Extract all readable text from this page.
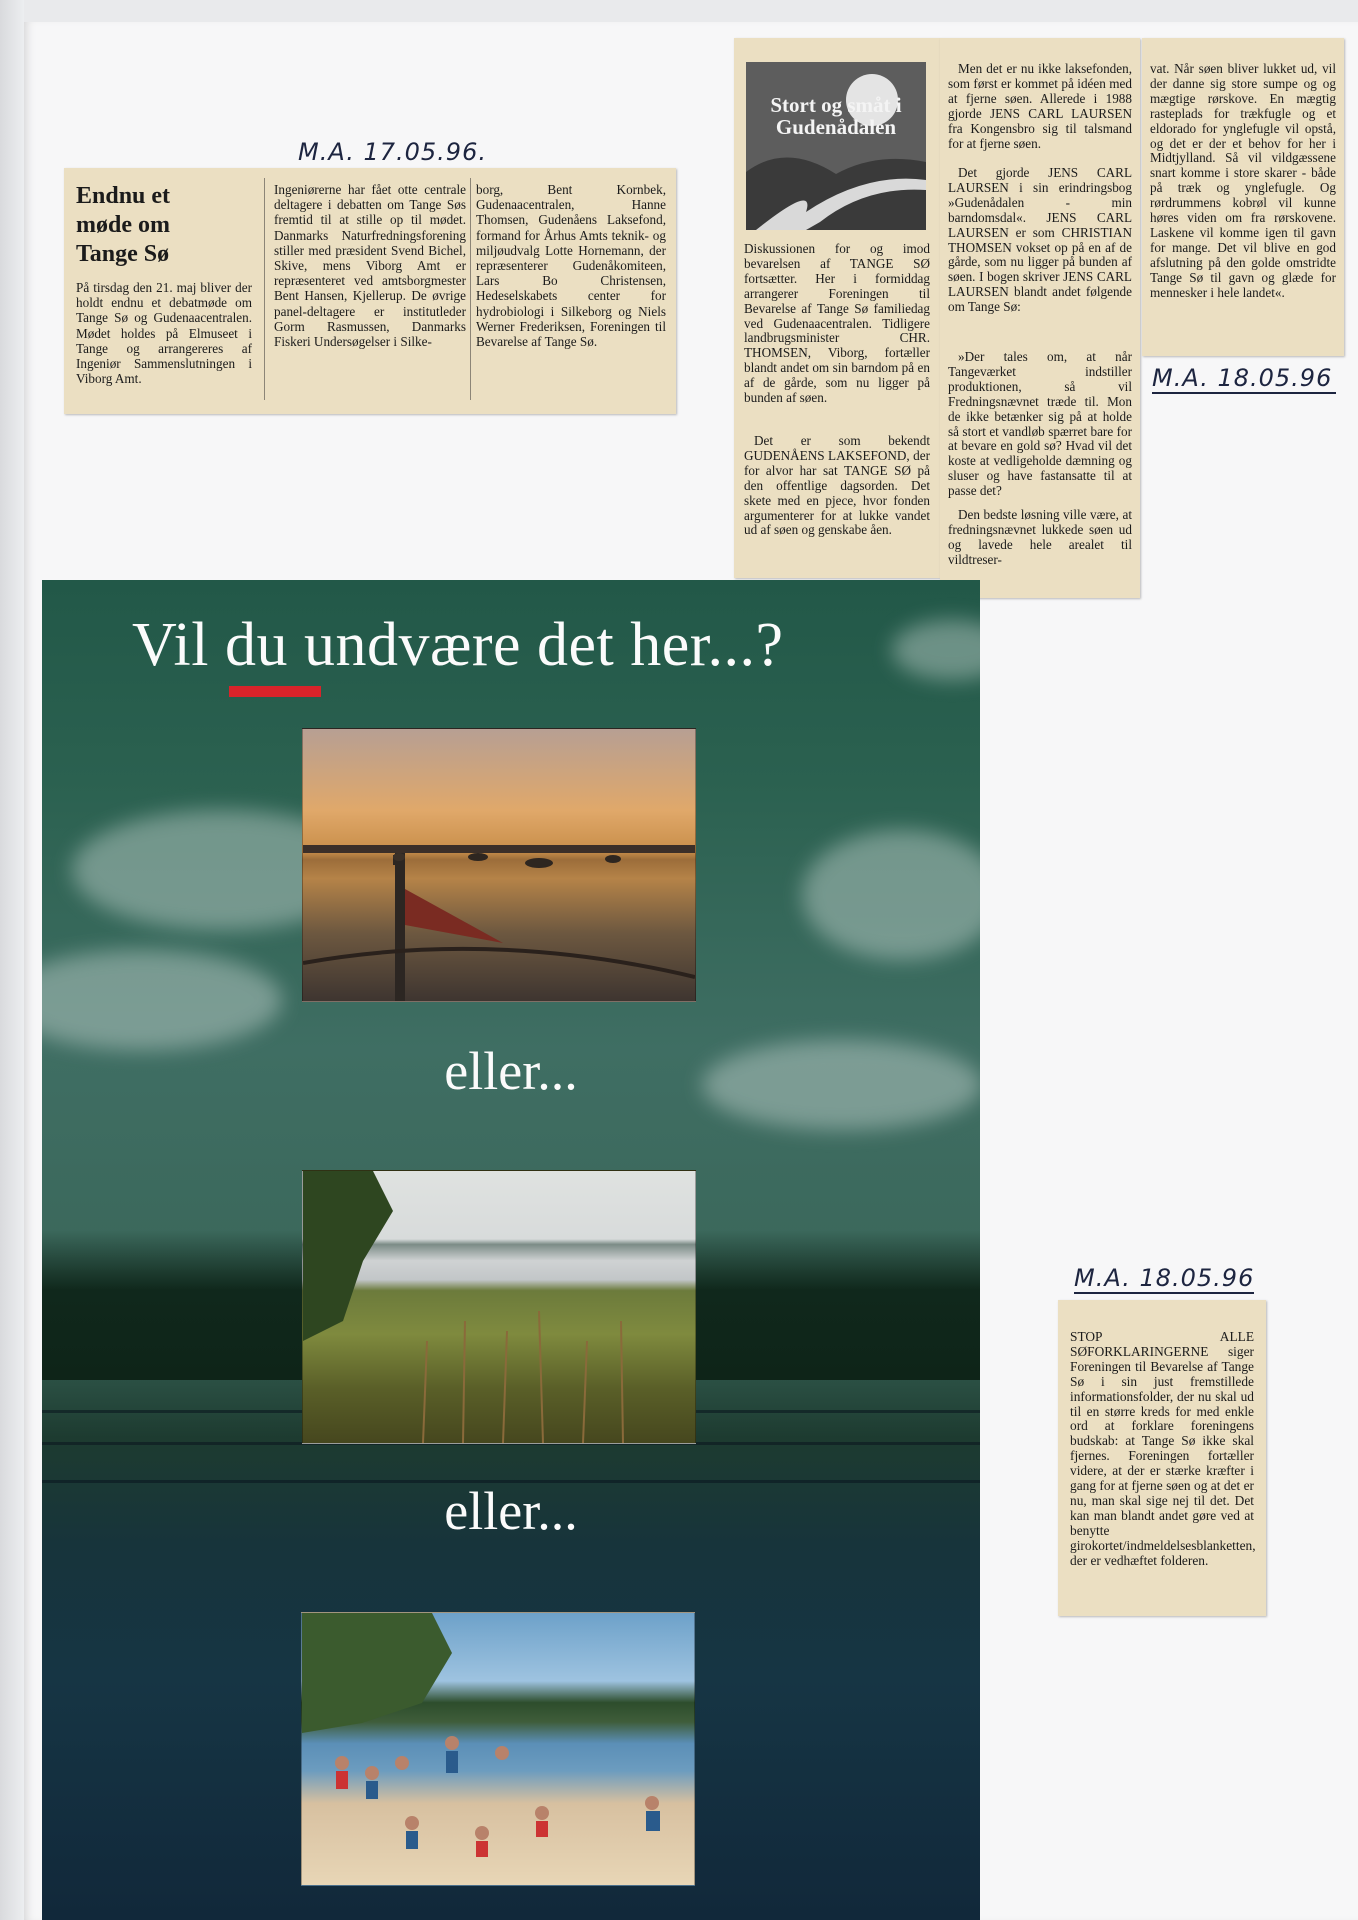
M.A. 17.05.96.
Endnu et møde om Tange Sø
På tirsdag den 21. maj bliver der holdt endnu et debatmøde om Tange Sø og Gudenaacentralen. Mødet holdes på Elmuseet i Tange og arrangereres af Ingeniør Sammenslutningen i Viborg Amt.
Ingeniørerne har fået otte centrale deltagere i debatten om Tange Søs fremtid til at stille op til mødet. Danmarks Naturfredningsforening stiller med præsident Svend Bichel, Skive, mens Viborg Amt er repræsenteret ved amtsborgmester Bent Hansen, Kjellerup. De øvrige panel-deltagere er institutleder Gorm Rasmussen, Danmarks Fiskeri Undersøgelser i Silke-
borg, Bent Kornbek, Gudenaacentralen, Hanne Thomsen, Gudenåens Laksefond, formand for Århus Amts teknik- og miljøudvalg Lotte Hornemann, der repræsenterer Gudenåkomiteen, Lars Bo Christensen, Hedeselskabets center for hydrobiologi i Silkeborg og Niels Werner Frederiksen, Foreningen til Bevarelse af Tange Sø.
Stort og småt i Gudenådalen
Diskussionen for og imod bevarelsen af TANGE SØ fortsætter. Her i formiddag arrangerer Foreningen til Bevarelse af Tange Sø familiedag ved Gudenaacentralen. Tidligere landbrugsminister CHR. THOMSEN, Viborg, fortæller blandt andet om sin barndom på en af de gårde, som nu ligger på bunden af søen.
Det er som bekendt GUDENÅENS LAKSEFOND, der for alvor har sat TANGE SØ på den offentlige dagsorden. Det skete med en pjece, hvor fonden argumenterer for at lukke vandet ud af søen og genskabe åen.
Men det er nu ikke laksefonden, som først er kommet på idéen med at fjerne søen. Allerede i 1988 gjorde JENS CARL LAURSEN fra Kongensbro sig til talsmand for at fjerne søen.
Det gjorde JENS CARL LAURSEN i sin erindringsbog »Gudenådalen - min barndomsdal«. JENS CARL LAURSEN er som CHRISTIAN THOMSEN vokset op på en af de gårde, som nu ligger på bunden af søen. I bogen skriver JENS CARL LAURSEN blandt andet følgende om Tange Sø:
»Der tales om, at når Tangeværket indstiller produktionen, så vil Fredningsnævnet træde til. Mon de ikke betænker sig på at holde så stort et vandløb spærret bare for at bevare en gold sø? Hvad vil det koste at vedligeholde dæmning og sluser og have fastansatte til at passe det?
Den bedste løsning ville være, at fredningsnævnet lukkede søen ud og lavede hele arealet til vildtreser-
vat. Når søen bliver lukket ud, vil der danne sig store sumpe og og mægtige rørskove. En mægtig rasteplads for trækfugle og et eldorado for ynglefugle vil opstå, og det er der et behov for her i Midtjylland. Så vil vildgæssene snart komme i store skarer - både på træk og ynglefugle. Og rørdrummens kobrøl vil kunne høres viden om fra rørskovene. Laskene vil komme igen til gavn for mange. Det vil blive en god afslutning på den golde omstridte Tange Sø til gavn og glæde for mennesker i hele landet«.
M.A. 18.05.96
M.A. 18.05.96
STOP ALLE SØFORKLARINGERNE siger Foreningen til Bevarelse af Tange Sø i sin just fremstillede informationsfolder, der nu skal ud til en større kreds for med enkle ord at forklare foreningens budskab: at Tange Sø ikke skal fjernes. Foreningen fortæller videre, at der er stærke kræfter i gang for at fjerne søen og at det er nu, man skal sige nej til det. Det kan man blandt andet gøre ved at benytte girokortet/indmeldelsesblanketten, der er vedhæftet folderen.
Vil du undvære det her...?
eller...
eller...
